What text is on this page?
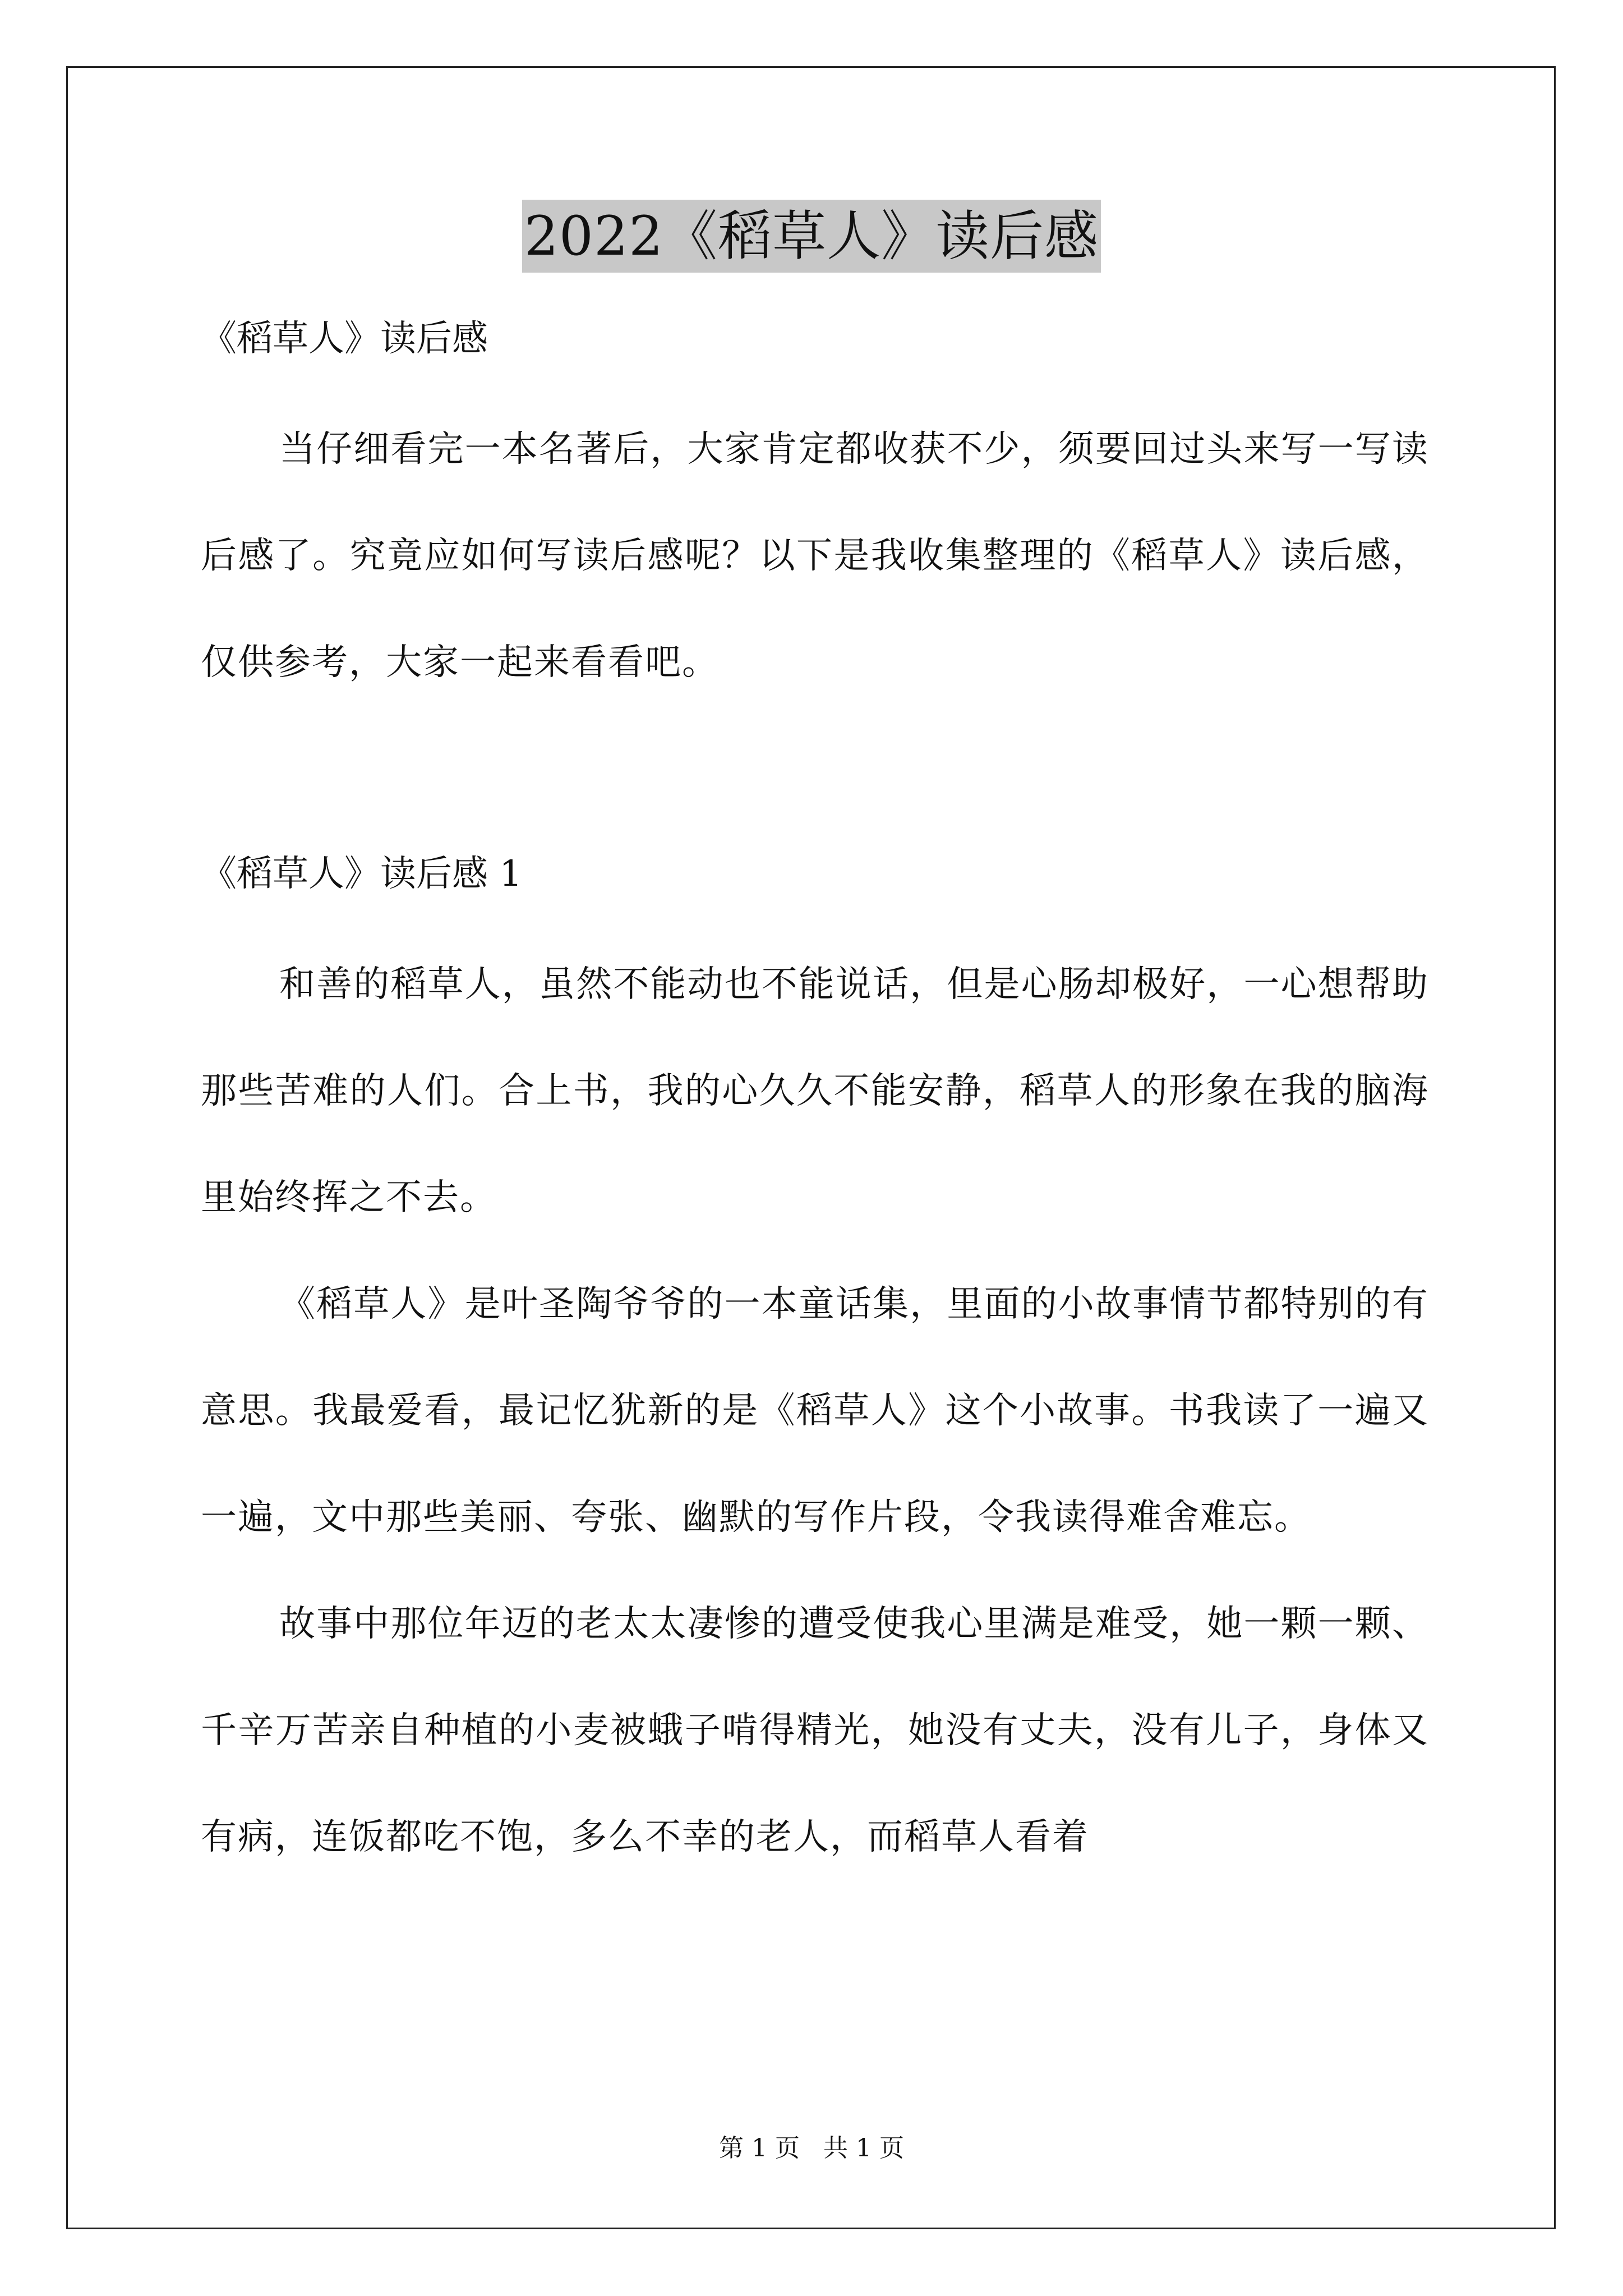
2022《稻草人》读后感

《稻草人》读后感

当仔细看完一本名著后，大家肯定都收获不少，须要回过头来写一写读后感了。究竟应如何写读后感呢？以下是我收集整理的《稻草人》读后感，仅供参考，大家一起来看看吧。

《稻草人》读后感 1

和善的稻草人，虽然不能动也不能说话，但是心肠却极好，一心想帮助那些苦难的人们。合上书，我的心久久不能安静，稻草人的形象在我的脑海里始终挥之不去。

《稻草人》是叶圣陶爷爷的一本童话集，里面的小故事情节都特别的有意思。我最爱看，最记忆犹新的是《稻草人》这个小故事。书我读了一遍又一遍，文中那些美丽、夸张、幽默的写作片段，令我读得难舍难忘。

故事中那位年迈的老太太凄惨的遭受使我心里满是难受，她一颗一颗、千辛万苦亲自种植的小麦被蛾子啃得精光，她没有丈夫，没有儿子，身体又有病，连饭都吃不饱，多么不幸的老人，而稻草人看着

第 1 页   共 1 页
